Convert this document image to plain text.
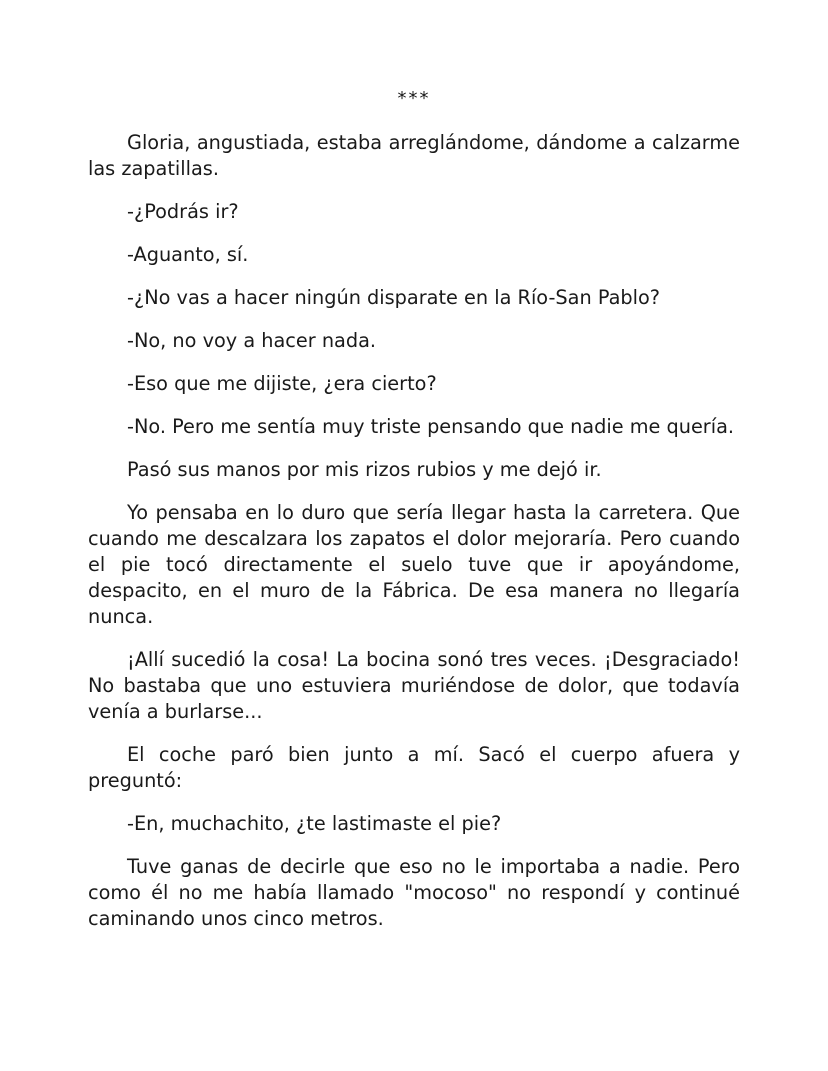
***

Gloria, angustiada, estaba arreglándome, dándome a calzarme las zapatillas.

-¿Podrás ir?

-Aguanto, sí.

-¿No vas a hacer ningún disparate en la Río-San Pablo?

-No, no voy a hacer nada.

-Eso que me dijiste, ¿era cierto?

-No. Pero me sentía muy triste pensando que nadie me quería.

Pasó sus manos por mis rizos rubios y me dejó ir.

Yo pensaba en lo duro que sería llegar hasta la carretera. Que cuando me descalzara los zapatos el dolor mejoraría. Pero cuando el pie tocó directamente el suelo tuve que ir apoyándome, despacito, en el muro de la Fábrica. De esa manera no llegaría nunca.

¡Allí sucedió la cosa! La bocina sonó tres veces. ¡Desgraciado! No bastaba que uno estuviera muriéndose de dolor, que todavía venía a burlarse...

El coche paró bien junto a mí. Sacó el cuerpo afuera y preguntó:

-En, muchachito, ¿te lastimaste el pie?

Tuve ganas de decirle que eso no le importaba a nadie. Pero como él no me había llamado "mocoso" no respondí y continué caminando unos cinco metros.
